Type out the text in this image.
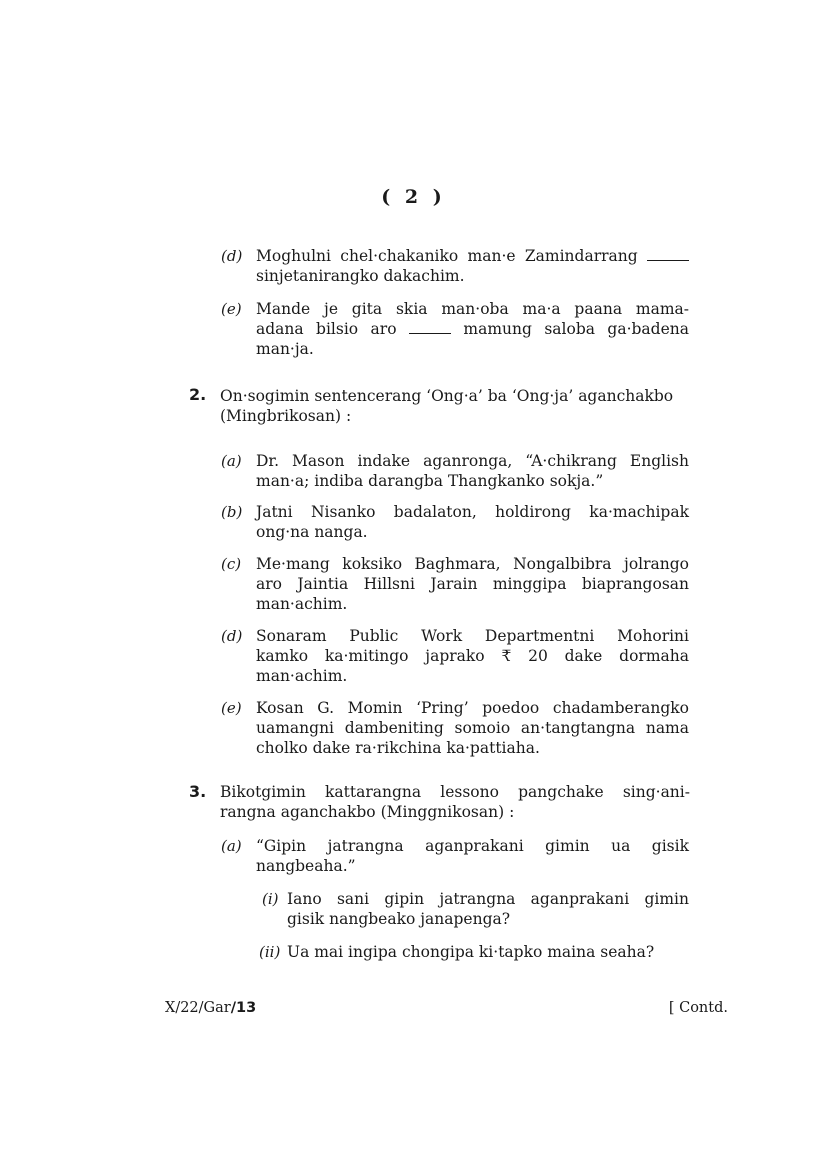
( 2 )
(d) Moghulni chel·chakaniko man·e Zamindarrang
sinjetanirangko dakachim.
(e) Mande je gita skia man·oba ma·a paana mama-
adana bilsio aro	mamung saloba ga·badena
man·ja.
2. On·sogimin sentencerang ‘Ong·a’ ba ‘Ong·ja’ aganchakbo
(Mingbrikosan) :
(a) Dr. Mason indake aganronga, “A·chikrang English
man·a; indiba darangba Thangkanko sokja.”
(b) Jatni Nisanko badalaton, holdirong ka·machipak
ong·na nanga.
(c) Me·mang koksiko Baghmara, Nongalbibra jolrango
aro Jaintia Hillsni Jarain minggipa biaprangosan
man·achim.
(d) Sonaram Public Work Departmentni Mohorini
kamko ka·mitingo japrako ₹ 20 dake dormaha
man·achim.
(e) Kosan G. Momin ‘Pring’ poedoo chadamberangko
uamangni dambeniting somoio an·tangtangna nama
cholko dake ra·rikchina ka·pattiaha.
3. Bikotgimin kattarangna lessono pangchake sing·ani-
rangna aganchakbo (Minggnikosan) :
(a) “Gipin jatrangna aganprakani gimin ua gisik
nangbeaha.”
(i) Iano sani gipin jatrangna aganprakani gimin
gisik nangbeako janapenga?
(ii) Ua mai ingipa chongipa ki·tapko maina seaha?
X/22/Gar/13	[ Contd.
